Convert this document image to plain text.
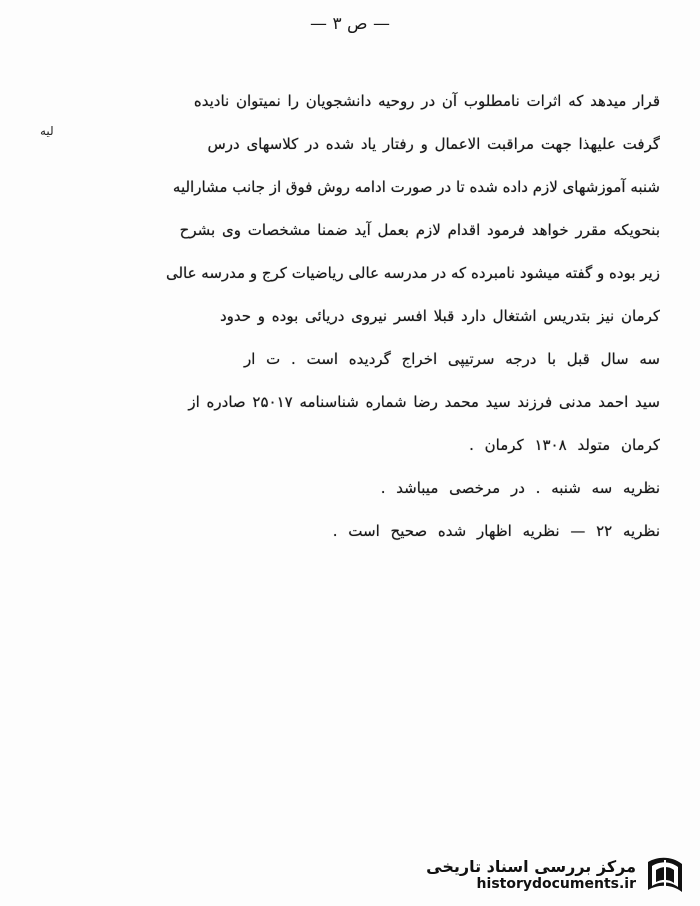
— ص ۳ —
لیه
قرار میدهد که اثرات نامطلوب آن در روحیه دانشجویان را نمیتوان نادیده
گرفت علیهذا جهت مراقبت الاعمال و رفتار یاد شده در کلاسهای درس
شنبه آموزشهای لازم داده شده تا در صورت ادامه روش فوق از جانب مشارالیه
بنحویکه مقرر خواهد فرمود اقدام لازم بعمل آید ضمنا مشخصات وی بشرح
زیر بوده و گفته میشود نامبرده که در مدرسه عالی ریاضیات کرج و مدرسه عالی
کرمان نیز بتدریس اشتغال دارد قبلا افسر نیروی دریائی بوده و حدود
سه سال قبل با درجه سرتیپی اخراج گردیده است . ت ار
سید احمد مدنی فرزند سید محمد رضا شماره شناسنامه ۲۵۰۱۷ صادره از
کرمان متولد ۱۳۰۸ کرمان .
نظریه سه شنبه . در مرخصی میباشد .
نظریه ۲۲ — نظریه اظهار شده صحیح است .
مرکز بررسی اسناد تاریخی
historydocuments.ir
